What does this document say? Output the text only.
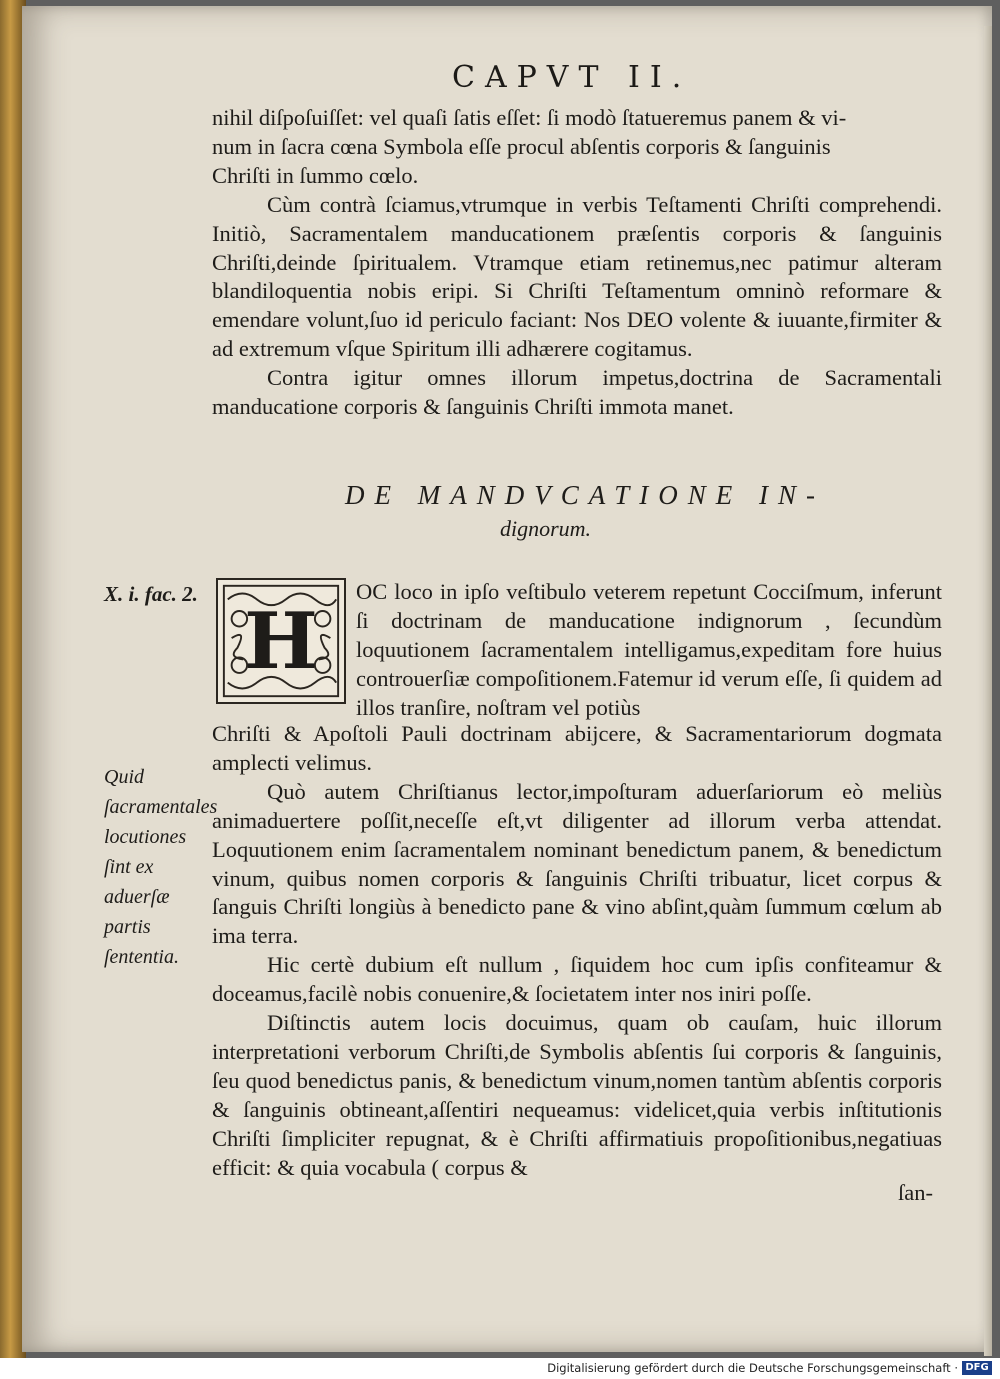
CAPVT II.

nihil diſpoſuiſſet: vel quaſi ſatis eſſet: ſi modò ſtatueremus panem & vi-

num in ſacra cœna Symbola eſſe procul abſentis corporis & ſanguinis

Chriſti in ſummo cœlo.

Cùm contrà ſciamus,vtrumque in verbis Teſtamenti Chriſti comprehendi. Initiò, Sacramentalem manducationem præſentis corporis & ſanguinis Chriſti,deinde ſpiritualem. Vtramque etiam retinemus,nec patimur alteram blandiloquentia nobis eripi. Si Chriſti Teſtamentum omninò reformare & emendare volunt,ſuo id periculo faciant: Nos DEO volente & iuuante,firmiter & ad extremum vſque Spiritum illi adhærere cogitamus.

Contra igitur omnes illorum impetus,doctrina de Sacramentali manducatione corporis & ſanguinis Chriſti immota manet.

DE MANDVCATIONE IN-
dignorum.
X. i. fac. 2.
H
OC loco in ipſo veſtibulo veterem repetunt Cocciſmum, inferunt ſi doctrinam de manducatione indignorum , ſecundùm loquutionem ſacramentalem intelligamus,expeditam fore huius controuerſiæ compoſitionem.Fatemur id verum eſſe, ſi quidem ad illos tranſire, noſtram vel potiùs

Chriſti & Apoſtoli Pauli doctrinam abijcere, & Sacramentariorum dogmata amplecti velimus.

Quò autem Chriſtianus lector,impoſturam aduerſariorum eò meliùs animaduertere poſſit,neceſſe eſt,vt diligenter ad illorum verba attendat. Loquutionem enim ſacramentalem nominant benedictum panem, & benedictum vinum, quibus nomen corporis & ſanguinis Chriſti tribuatur, licet corpus & ſanguis Chriſti longiùs à benedicto pane & vino abſint,quàm ſummum cœlum ab ima terra.

Hic certè dubium eſt nullum , ſiquidem hoc cum ipſis confiteamur & doceamus,facilè nobis conuenire,& ſocietatem inter nos iniri poſſe.

Diſtinctis autem locis docuimus, quam ob cauſam, huic illorum interpretationi verborum Chriſti,de Symbolis abſentis ſui corporis & ſanguinis, ſeu quod benedictus panis, & benedictum vinum,nomen tantùm abſentis corporis & ſanguinis obtineant,aſſentiri nequeamus: videlicet,quia verbis inſtitutionis Chriſti ſimpliciter repugnat, & è Chriſti affirmatiuis propoſitionibus,negatiuas efficit: & quia vocabula ( corpus &

Quid ſacramentales locutiones ſint ex aduerſæ partis ſententia.
ſan-
Digitalisierung gefördert durch die Deutsche Forschungsgemeinschaft · DFG
